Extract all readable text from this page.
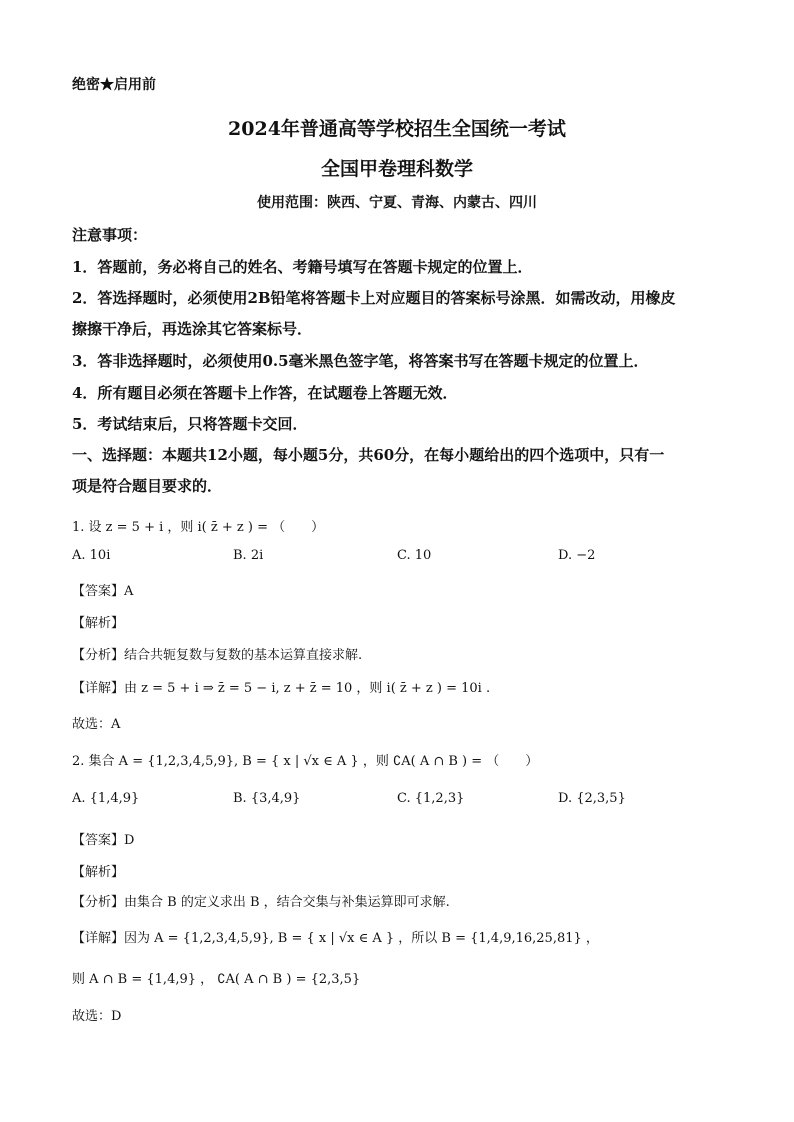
绝密★启用前
2024年普通高等学校招生全国统一考试
全国甲卷理科数学
使用范围：陕西、宁夏、青海、内蒙古、四川
注意事项：
1．答题前，务必将自己的姓名、考籍号填写在答题卡规定的位置上．
2．答选择题时，必须使用2B铅笔将答题卡上对应题目的答案标号涂黑．如需改动，用橡皮
擦擦干净后，再选涂其它答案标号．
3．答非选择题时，必须使用0.5毫米黑色签字笔，将答案书写在答题卡规定的位置上．
4．所有题目必须在答题卡上作答，在试题卷上答题无效．
5．考试结束后，只将答题卡交回．
一、选择题：本题共12小题，每小题5分，共60分，在每小题给出的四个选项中，只有一
项是符合题目要求的．
1. 设 z = 5 + i ，则 i( z̄ + z ) = （　　）
A. 10i	B. 2i	C. 10	D. −2
【答案】A
【解析】
【分析】结合共轭复数与复数的基本运算直接求解.
【详解】由 z = 5 + i ⇒ z̄ = 5 − i, z + z̄ = 10 ，则 i( z̄ + z ) = 10i .
故选：A
2. 集合 A = {1,2,3,4,5,9}, B = { x | √x ∈ A } ，则 ∁A( A ∩ B ) = （　　）
A. {1,4,9}	B. {3,4,9}	C. {1,2,3}	D. {2,3,5}
【答案】D
【解析】
【分析】由集合 B 的定义求出 B ，结合交集与补集运算即可求解.
【详解】因为 A = {1,2,3,4,5,9}, B = { x | √x ∈ A } ，所以 B = {1,4,9,16,25,81} ，
则 A ∩ B = {1,4,9} ， ∁A( A ∩ B ) = {2,3,5}
故选：D
